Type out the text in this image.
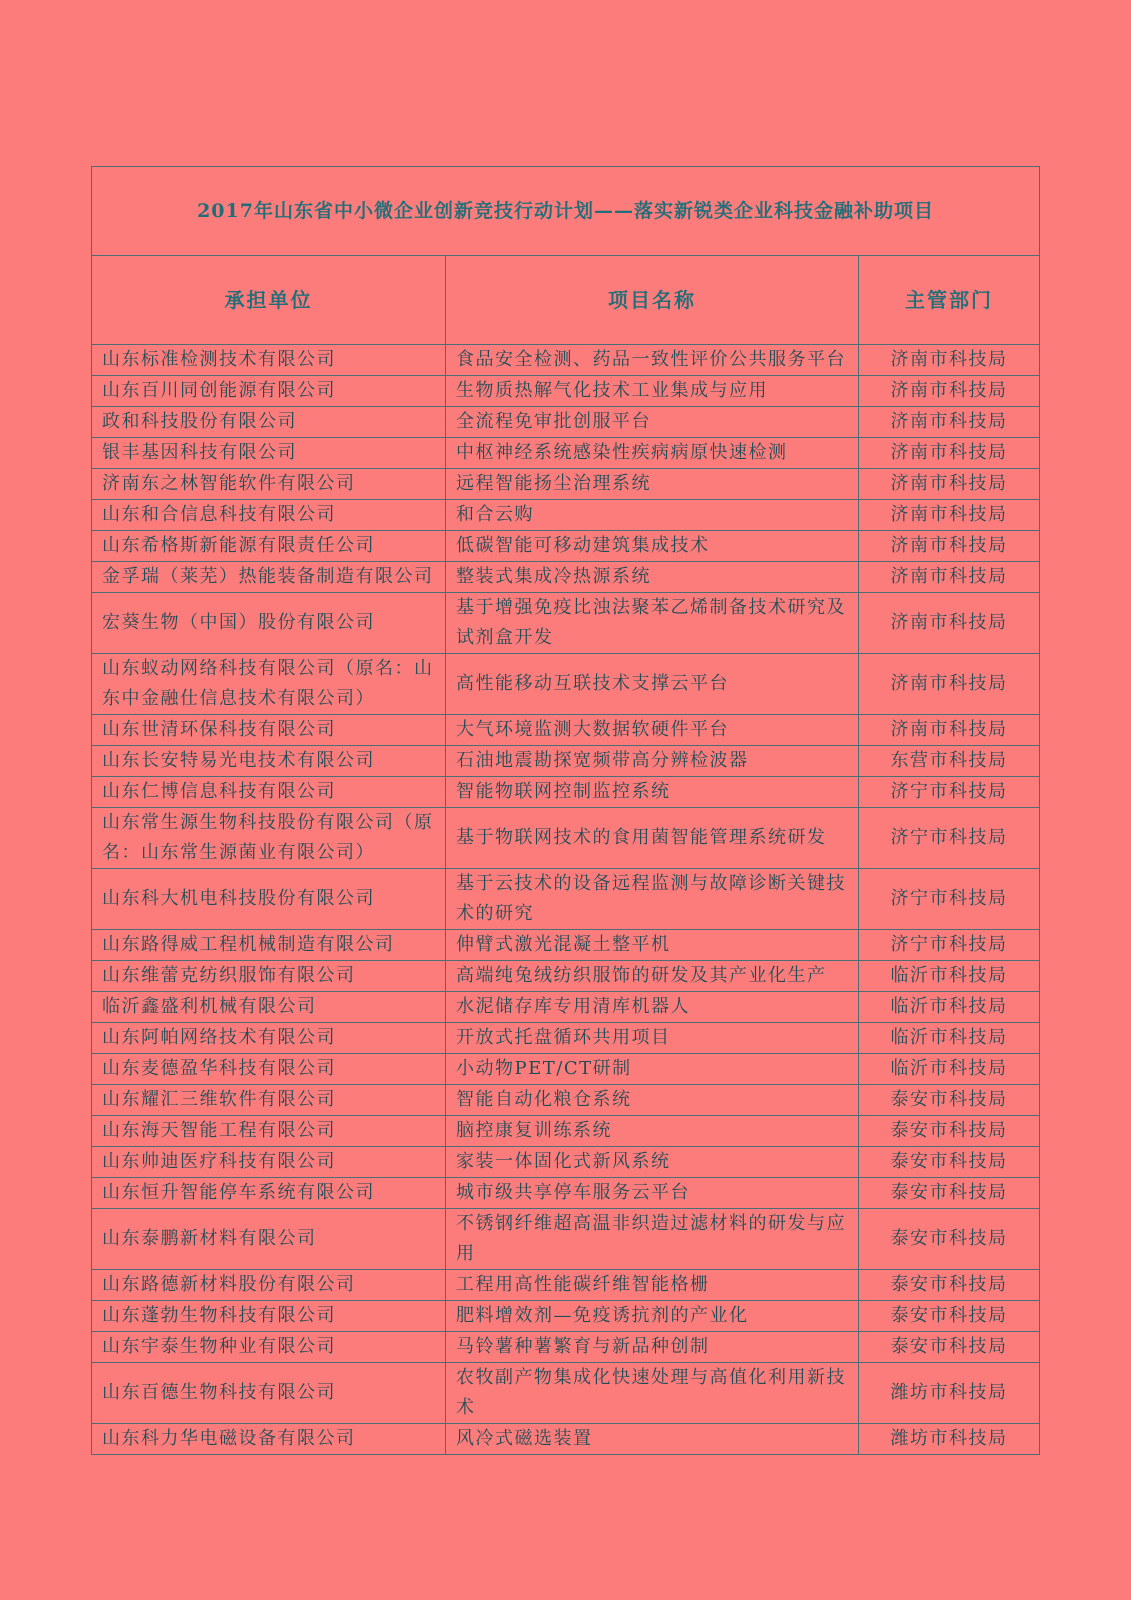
2017年山东省中小微企业创新竞技行动计划——落实新锐类企业科技金融补助项目		
承担单位	项目名称	主管部门
山东标准检测技术有限公司	食品安全检测、药品一致性评价公共服务平台	济南市科技局
山东百川同创能源有限公司	生物质热解气化技术工业集成与应用	济南市科技局
政和科技股份有限公司	全流程免审批创服平台	济南市科技局
银丰基因科技有限公司	中枢神经系统感染性疾病病原快速检测	济南市科技局
济南东之林智能软件有限公司	远程智能扬尘治理系统	济南市科技局
山东和合信息科技有限公司	和合云购	济南市科技局
山东希格斯新能源有限责任公司	低碳智能可移动建筑集成技术	济南市科技局
金孚瑞（莱芜）热能装备制造有限公司	整装式集成冷热源系统	济南市科技局
宏葵生物（中国）股份有限公司	基于增强免疫比浊法聚苯乙烯制备技术研究及试剂盒开发	济南市科技局
山东蚁动网络科技有限公司（原名：山东中金融仕信息技术有限公司）	高性能移动互联技术支撑云平台	济南市科技局
山东世清环保科技有限公司	大气环境监测大数据软硬件平台	济南市科技局
山东长安特易光电技术有限公司	石油地震勘探宽频带高分辨检波器	东营市科技局
山东仁博信息科技有限公司	智能物联网控制监控系统	济宁市科技局
山东常生源生物科技股份有限公司（原名：山东常生源菌业有限公司）	基于物联网技术的食用菌智能管理系统研发	济宁市科技局
山东科大机电科技股份有限公司	基于云技术的设备远程监测与故障诊断关键技术的研究	济宁市科技局
山东路得威工程机械制造有限公司	伸臂式激光混凝土整平机	济宁市科技局
山东维蕾克纺织服饰有限公司	高端纯兔绒纺织服饰的研发及其产业化生产	临沂市科技局
临沂鑫盛利机械有限公司	水泥储存库专用清库机器人	临沂市科技局
山东阿帕网络技术有限公司	开放式托盘循环共用项目	临沂市科技局
山东麦德盈华科技有限公司	小动物PET/CT研制	临沂市科技局
山东耀汇三维软件有限公司	智能自动化粮仓系统	泰安市科技局
山东海天智能工程有限公司	脑控康复训练系统	泰安市科技局
山东帅迪医疗科技有限公司	家装一体固化式新风系统	泰安市科技局
山东恒升智能停车系统有限公司	城市级共享停车服务云平台	泰安市科技局
山东泰鹏新材料有限公司	不锈钢纤维超高温非织造过滤材料的研发与应用	泰安市科技局
山东路德新材料股份有限公司	工程用高性能碳纤维智能格栅	泰安市科技局
山东蓬勃生物科技有限公司	肥料增效剂—免疫诱抗剂的产业化	泰安市科技局
山东宇泰生物种业有限公司	马铃薯种薯繁育与新品种创制	泰安市科技局
山东百德生物科技有限公司	农牧副产物集成化快速处理与高值化利用新技术	潍坊市科技局
山东科力华电磁设备有限公司	风冷式磁选装置	潍坊市科技局
